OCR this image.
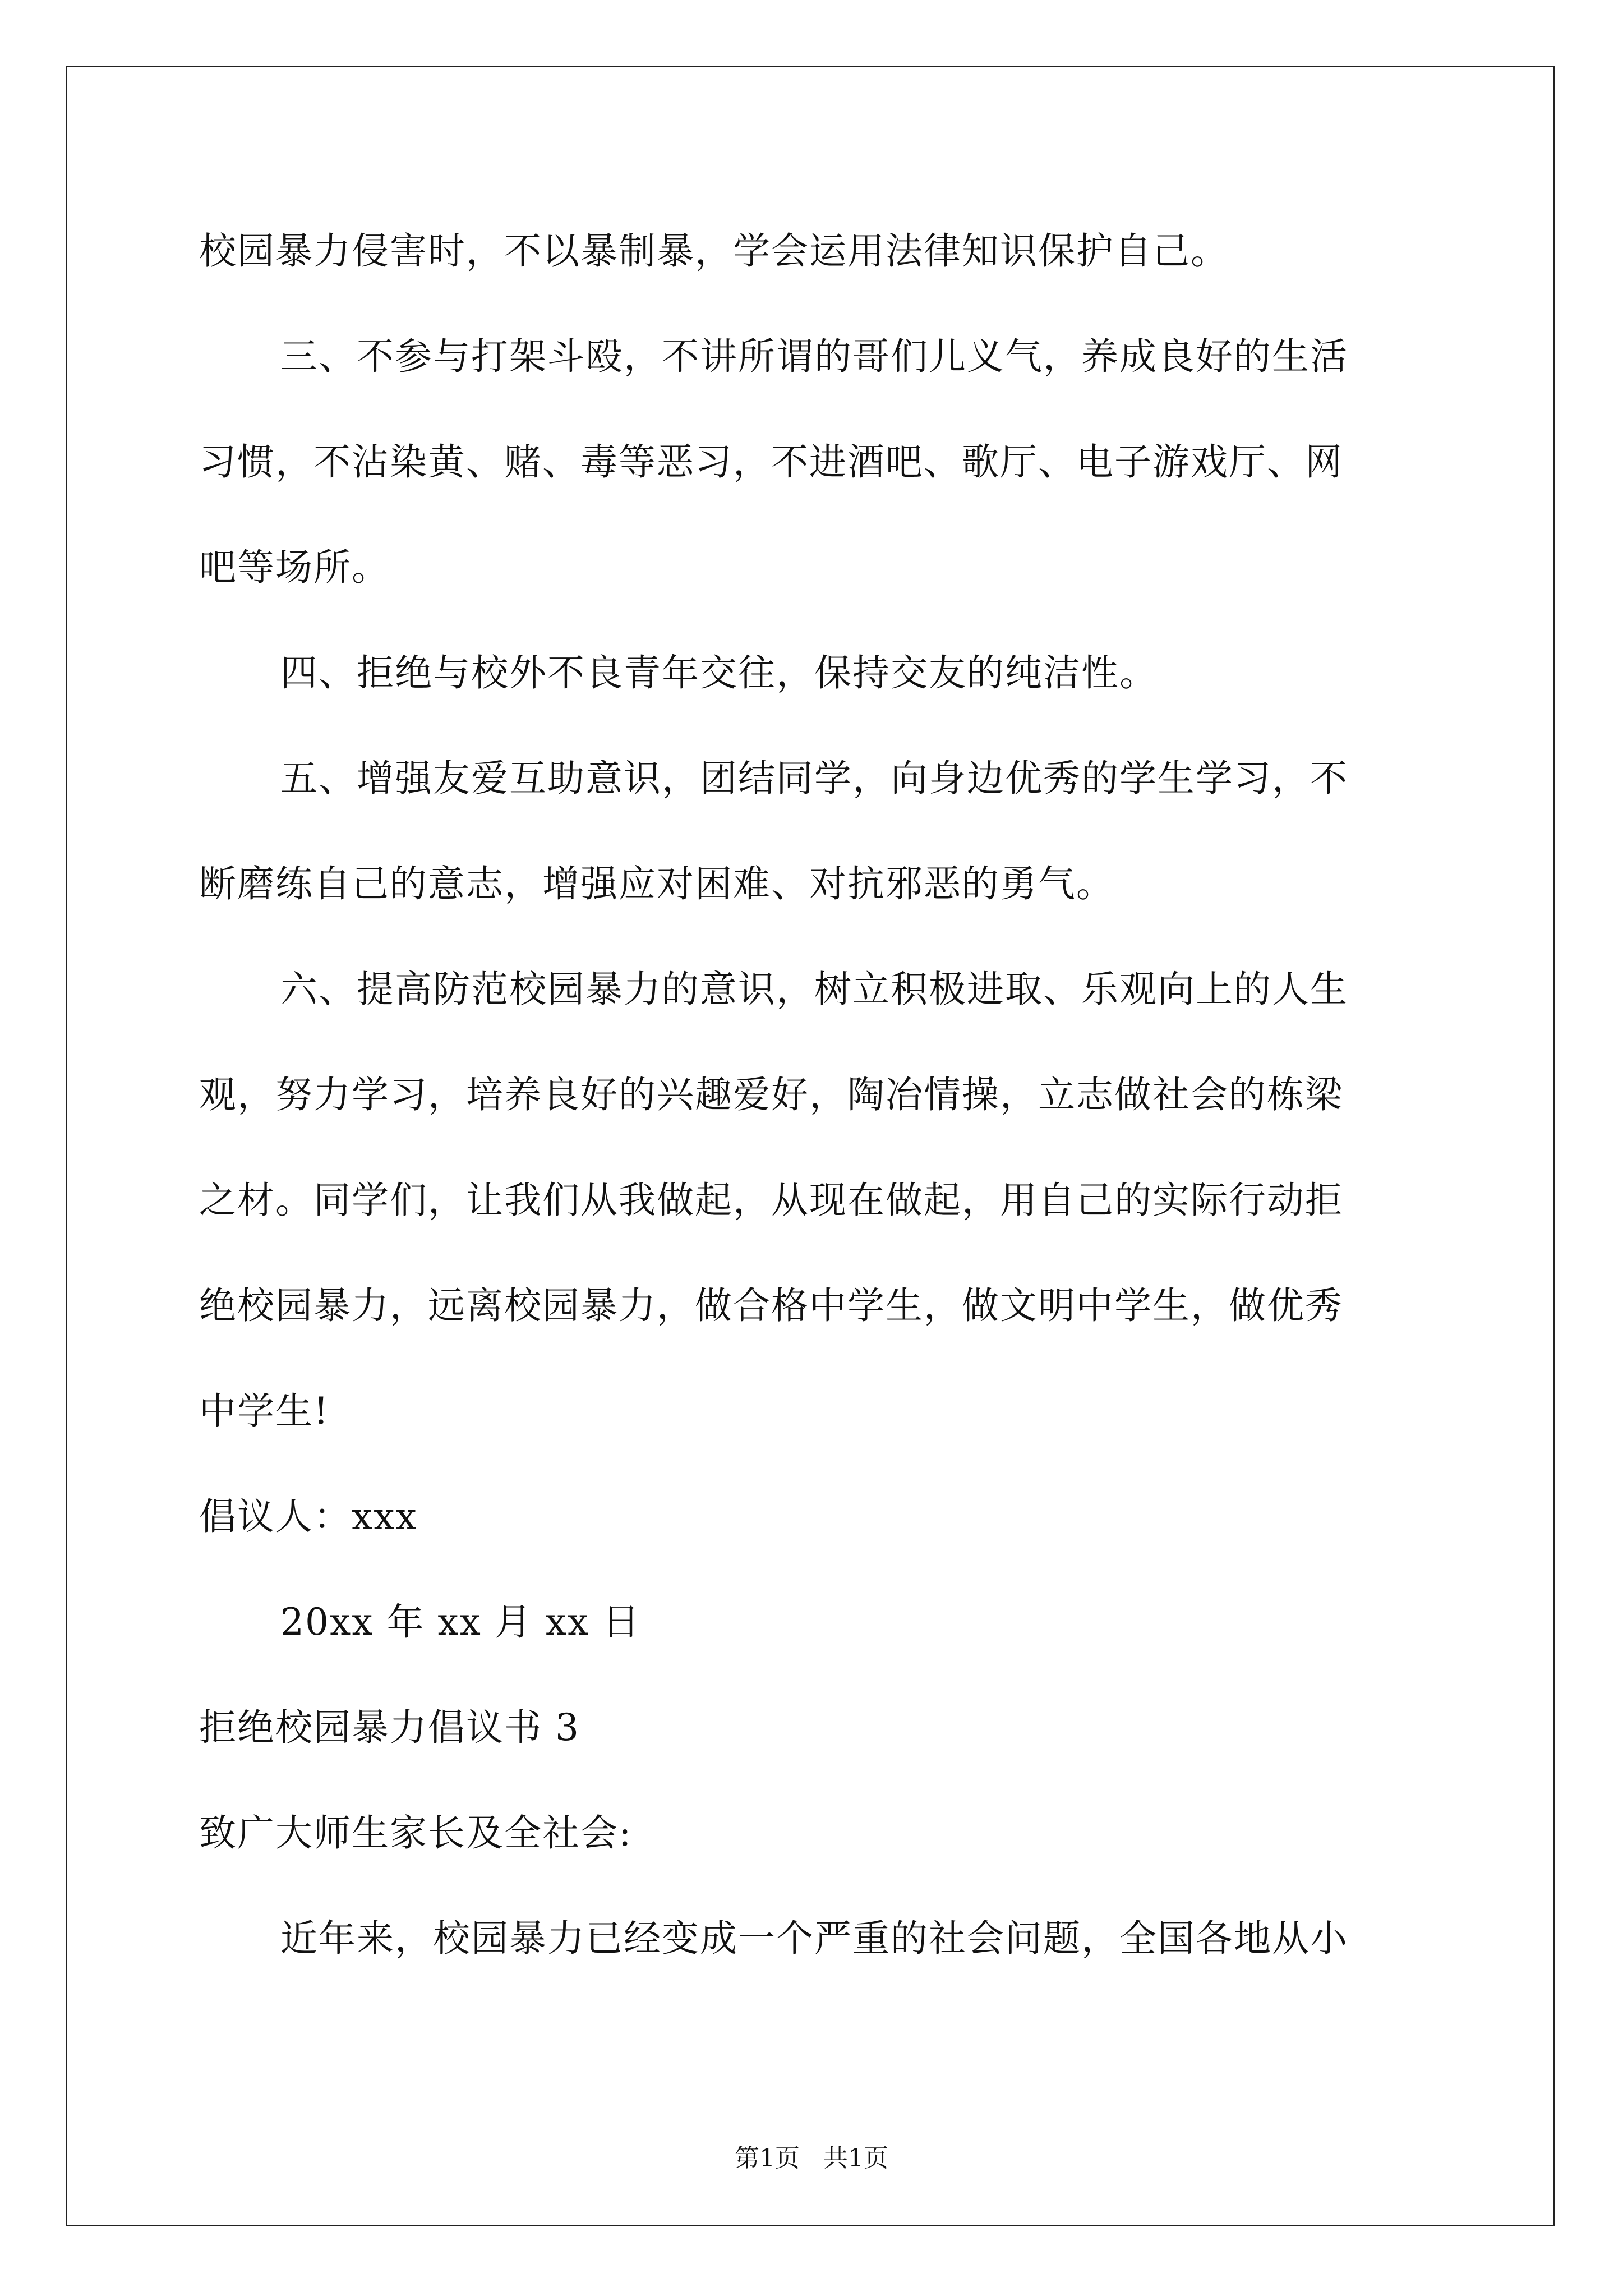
校园暴力侵害时，不以暴制暴，学会运用法律知识保护自己。
三、不参与打架斗殴，不讲所谓的哥们儿义气，养成良好的生活
习惯，不沾染黄、赌、毒等恶习，不进酒吧、歌厅、电子游戏厅、网
吧等场所。
四、拒绝与校外不良青年交往，保持交友的纯洁性。
五、增强友爱互助意识，团结同学，向身边优秀的学生学习，不
断磨练自己的意志，增强应对困难、对抗邪恶的勇气。
六、提高防范校园暴力的意识，树立积极进取、乐观向上的人生
观，努力学习，培养良好的兴趣爱好，陶冶情操，立志做社会的栋梁
之材。同学们，让我们从我做起，从现在做起，用自己的实际行动拒
绝校园暴力，远离校园暴力，做合格中学生，做文明中学生，做优秀
中学生!
倡议人：xxx
20xx 年 xx 月 xx 日
拒绝校园暴力倡议书 3
致广大师生家长及全社会:
近年来，校园暴力已经变成一个严重的社会问题，全国各地从小
第1页   共1页
